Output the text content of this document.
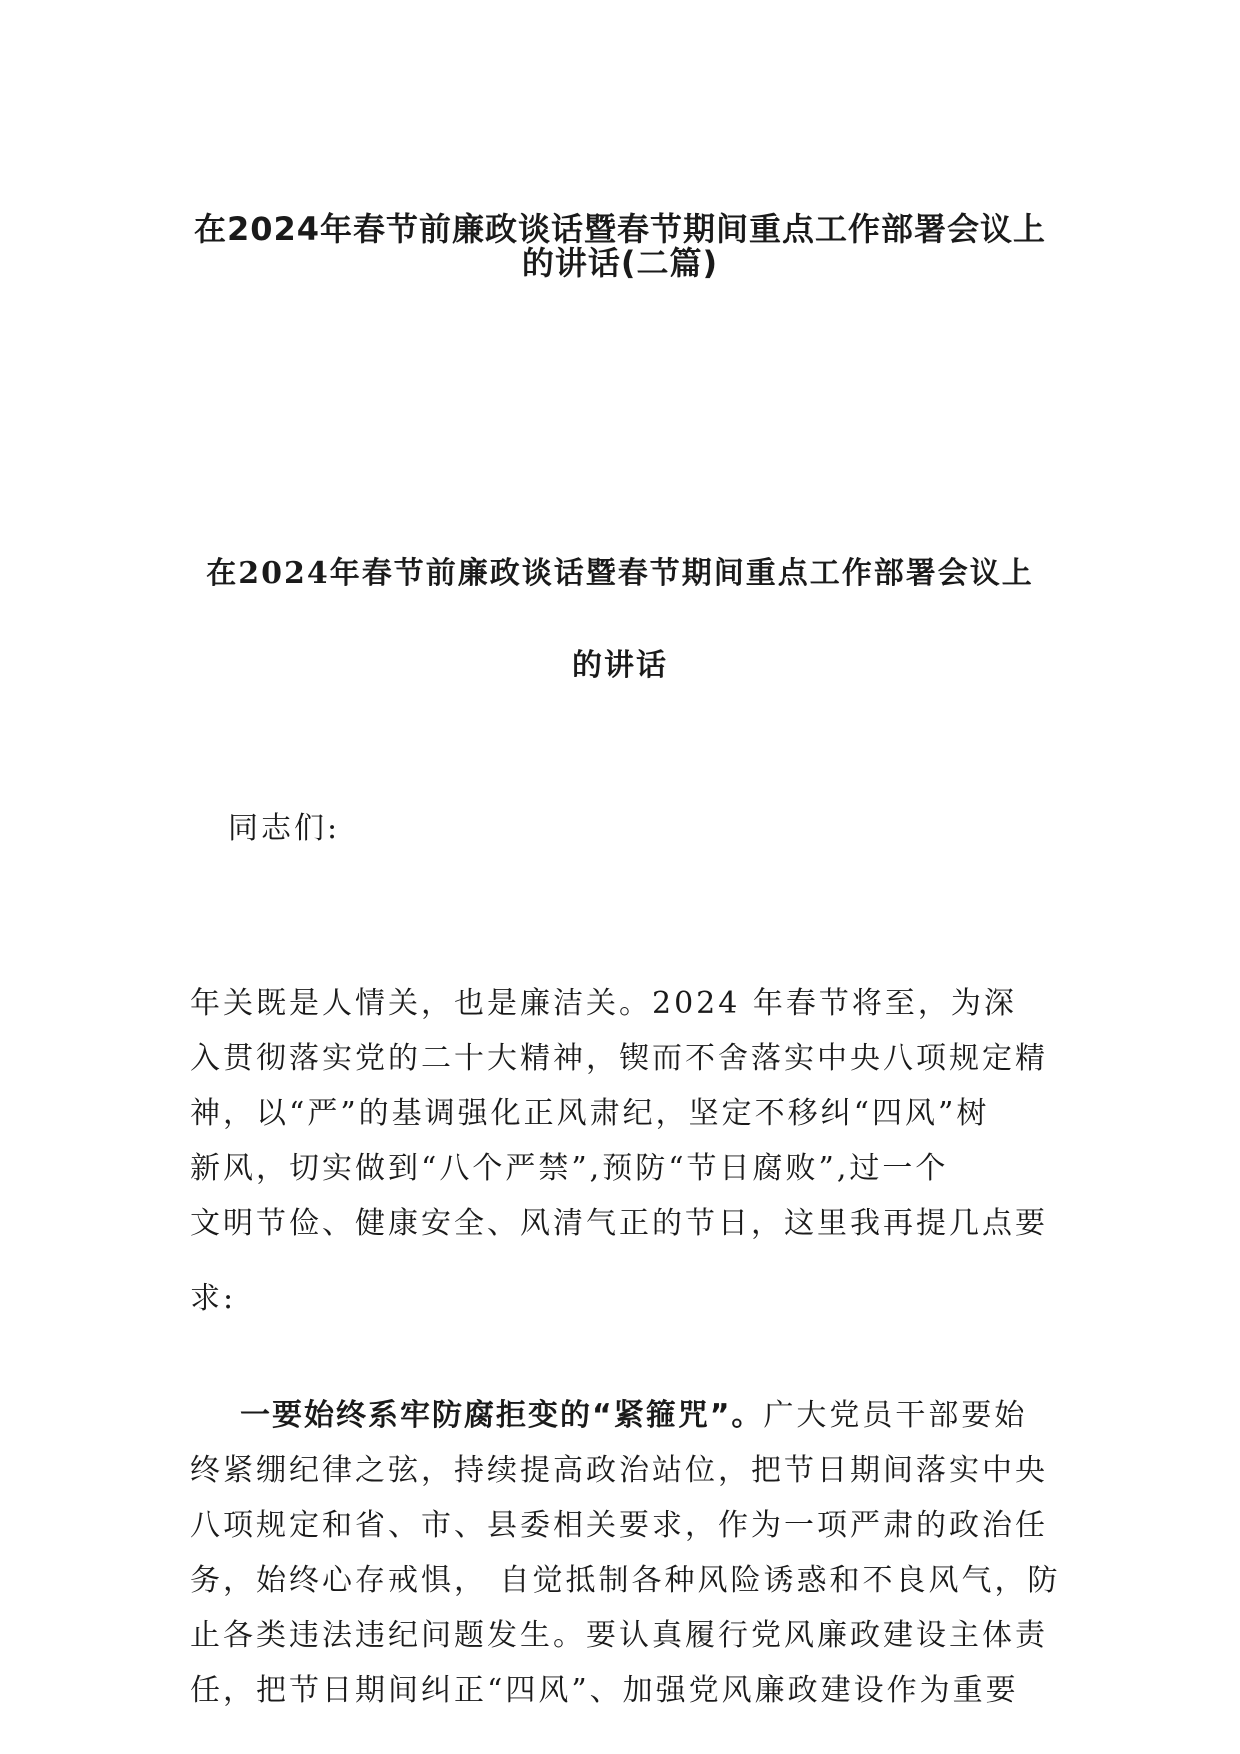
在2024年春节前廉政谈话暨春节期间重点工作部署会议上
的讲话(二篇)
在2024年春节前廉政谈话暨春节期间重点工作部署会议上
的讲话

同志们:

年关既是人情关，也是廉洁关。2024 年春节将至，为深

入贯彻落实党的二十大精神，锲而不舍落实中央八项规定精

神，以“严”的基调强化正风肃纪，坚定不移纠“四风”树

新风，切实做到“八个严禁”,预防“节日腐败”,过一个

文明节俭、健康安全、风清气正的节日，这里我再提几点要

求:

一要始终系牢防腐拒变的“紧箍咒”。广大党员干部要始

终紧绷纪律之弦，持续提高政治站位，把节日期间落实中央

八项规定和省、市、县委相关要求，作为一项严肃的政治任

务，始终心存戒惧， 自觉抵制各种风险诱惑和不良风气，防

止各类违法违纪问题发生。要认真履行党风廉政建设主体责

任，把节日期间纠正“四风”、加强党风廉政建设作为重要
